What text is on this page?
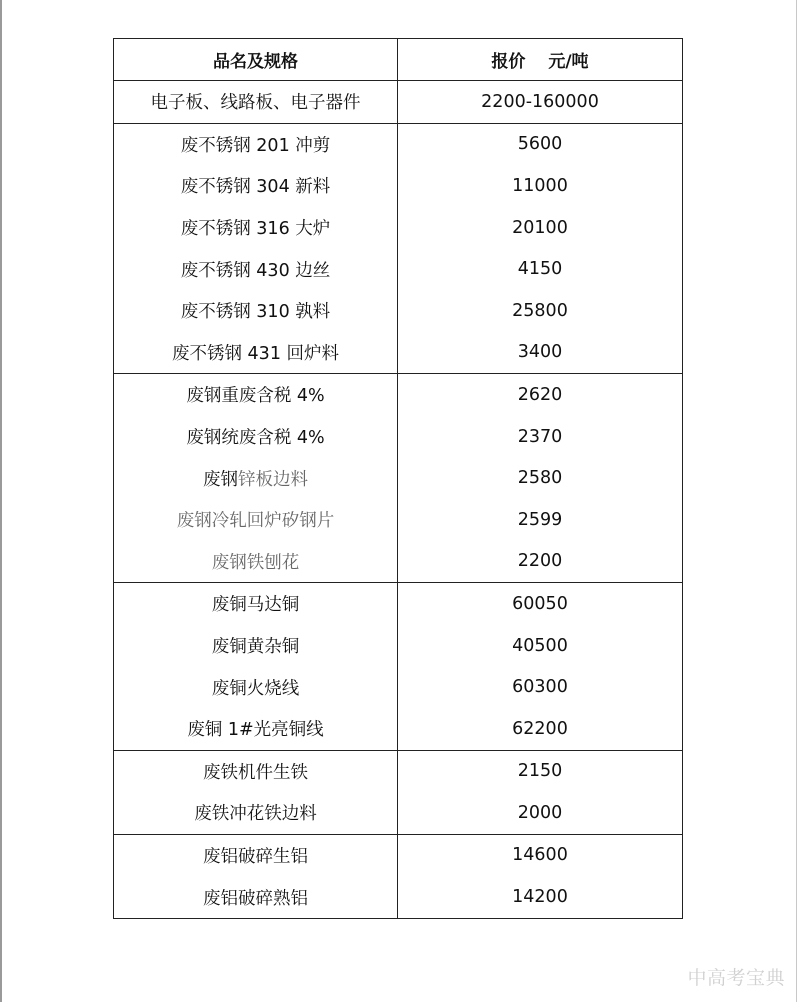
品名及规格	报价　 元/吨
电子板、线路板、电子器件	2200-160000
废不锈钢 201 冲剪	5600
废不锈钢 304 新料	11000
废不锈钢 316 大炉	20100
废不锈钢 430 边丝	4150
废不锈钢 310 孰料	25800
废不锈钢 431 回炉料	3400
废钢重废含税 4%	2620
废钢统废含税 4%	2370
废钢锌板边料	2580
废钢冷轧回炉矽钢片	2599
废钢铁刨花	2200
废铜马达铜	60050
废铜黄杂铜	40500
废铜火烧线	60300
废铜 1#光亮铜线	62200
废铁机件生铁	2150
废铁冲花铁边料	2000
废铝破碎生铝	14600
废铝破碎熟铝	14200
中高考宝典
